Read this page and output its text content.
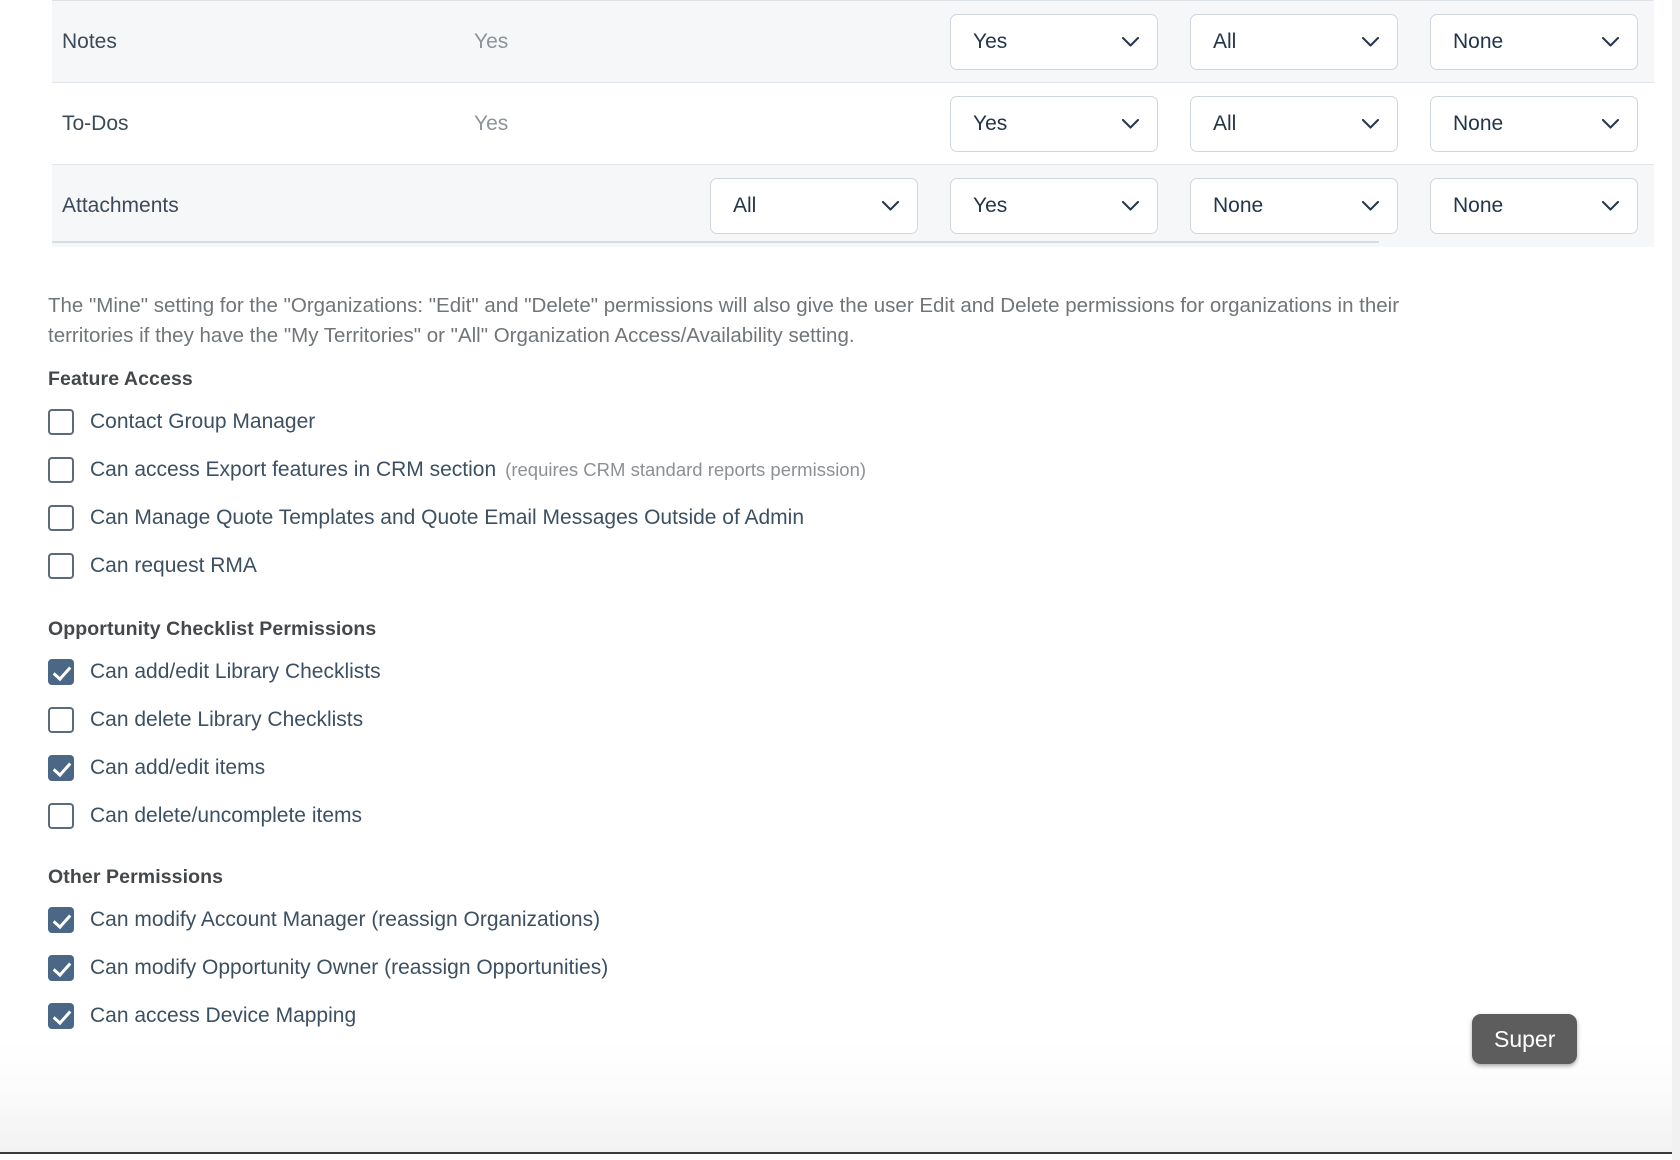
Notes	Yes		Yes	All	None

To-Dos	Yes		Yes	All	None

Attachments		All	Yes	None	None

The "Mine" setting for the "Organizations: "Edit" and "Delete" permissions will also give the user Edit and Delete permissions for organizations in their territories if they have the "My Territories" or "All" Organization Access/Availability setting.

Feature Access
Contact Group Manager
Can access Export features in CRM section (requires CRM standard reports permission)
Can Manage Quote Templates and Quote Email Messages Outside of Admin
Can request RMA
Opportunity Checklist Permissions
Can add/edit Library Checklists
Can delete Library Checklists
Can add/edit items
Can delete/uncomplete items
Other Permissions
Can modify Account Manager (reassign Organizations)
Can modify Opportunity Owner (reassign Opportunities)
Can access Device Mapping
Super
